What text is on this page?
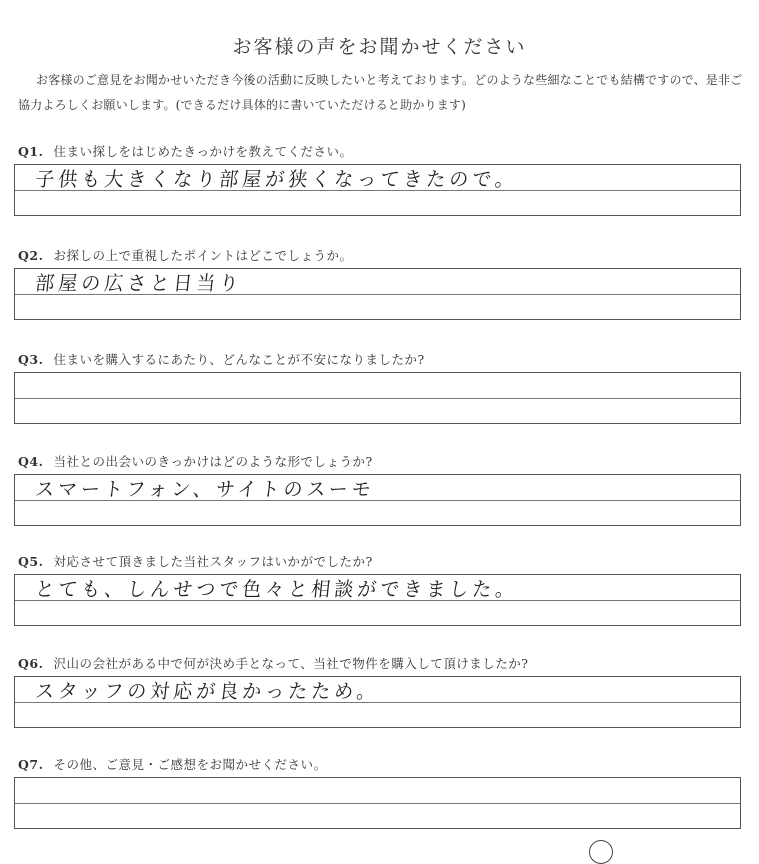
お客様の声をお聞かせください
お客様のご意見をお聞かせいただき今後の活動に反映したいと考えております。どのような些細なことでも結構ですので、是非ご協力よろしくお願いします。(できるだけ具体的に書いていただけると助かります)
Q1. 住まい探しをはじめたきっかけを教えてください。
子供も大きくなり部屋が狭くなってきたので。
Q2. お探しの上で重視したポイントはどこでしょうか。
部屋の広さと日当り
Q3. 住まいを購入するにあたり、どんなことが不安になりましたか?
Q4. 当社との出会いのきっかけはどのような形でしょうか?
スマートフォン、サイトのスーモ
Q5. 対応させて頂きました当社スタッフはいかがでしたか?
とても、しんせつで色々と相談ができました。
Q6. 沢山の会社がある中で何が決め手となって、当社で物件を購入して頂けましたか?
スタッフの対応が良かったため。
Q7. その他、ご意見・ご感想をお聞かせください。
